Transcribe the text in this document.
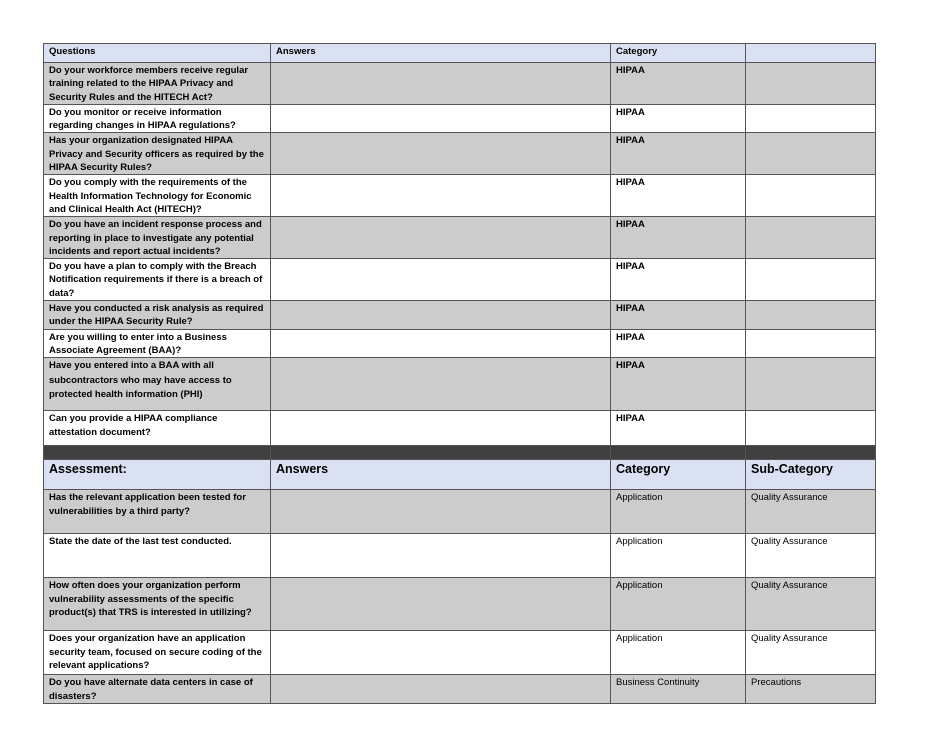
Questions	Answers	Category	
Do your workforce members receive regular training related to the HIPAA Privacy and Security Rules and the HITECH Act?		HIPAA	
Do you monitor or receive information regarding changes in HIPAA regulations?		HIPAA	
Has your organization designated HIPAA Privacy and Security officers as required by the HIPAA Security Rules?		HIPAA	
Do you comply with the requirements of the Health Information Technology for Economic and Clinical Health Act (HITECH)?		HIPAA	
Do you have an incident response process and reporting in place to investigate any potential incidents and report actual incidents?		HIPAA	
Do you have a plan to comply with the Breach Notification requirements if there is a breach of data?		HIPAA	
Have you conducted a risk analysis as required under the HIPAA Security Rule?		HIPAA	
Are you willing to enter into a Business Associate Agreement (BAA)?		HIPAA	
Have you entered into a BAA with all subcontractors who may have access to protected health information (PHI)		HIPAA	
Can you provide a HIPAA compliance attestation document?		HIPAA	

Assessment:	Answers	Category	Sub-Category
Has the relevant application been tested for vulnerabilities by a third party?		Application	Quality Assurance
State the date of the last test conducted.		Application	Quality Assurance
How often does your organization perform vulnerability assessments of the specific product(s) that TRS is interested in utilizing?		Application	Quality Assurance
Does your organization have an application security team, focused on secure coding of the relevant applications?		Application	Quality Assurance
Do you have alternate data centers in case of disasters?		Business Continuity	Precautions
